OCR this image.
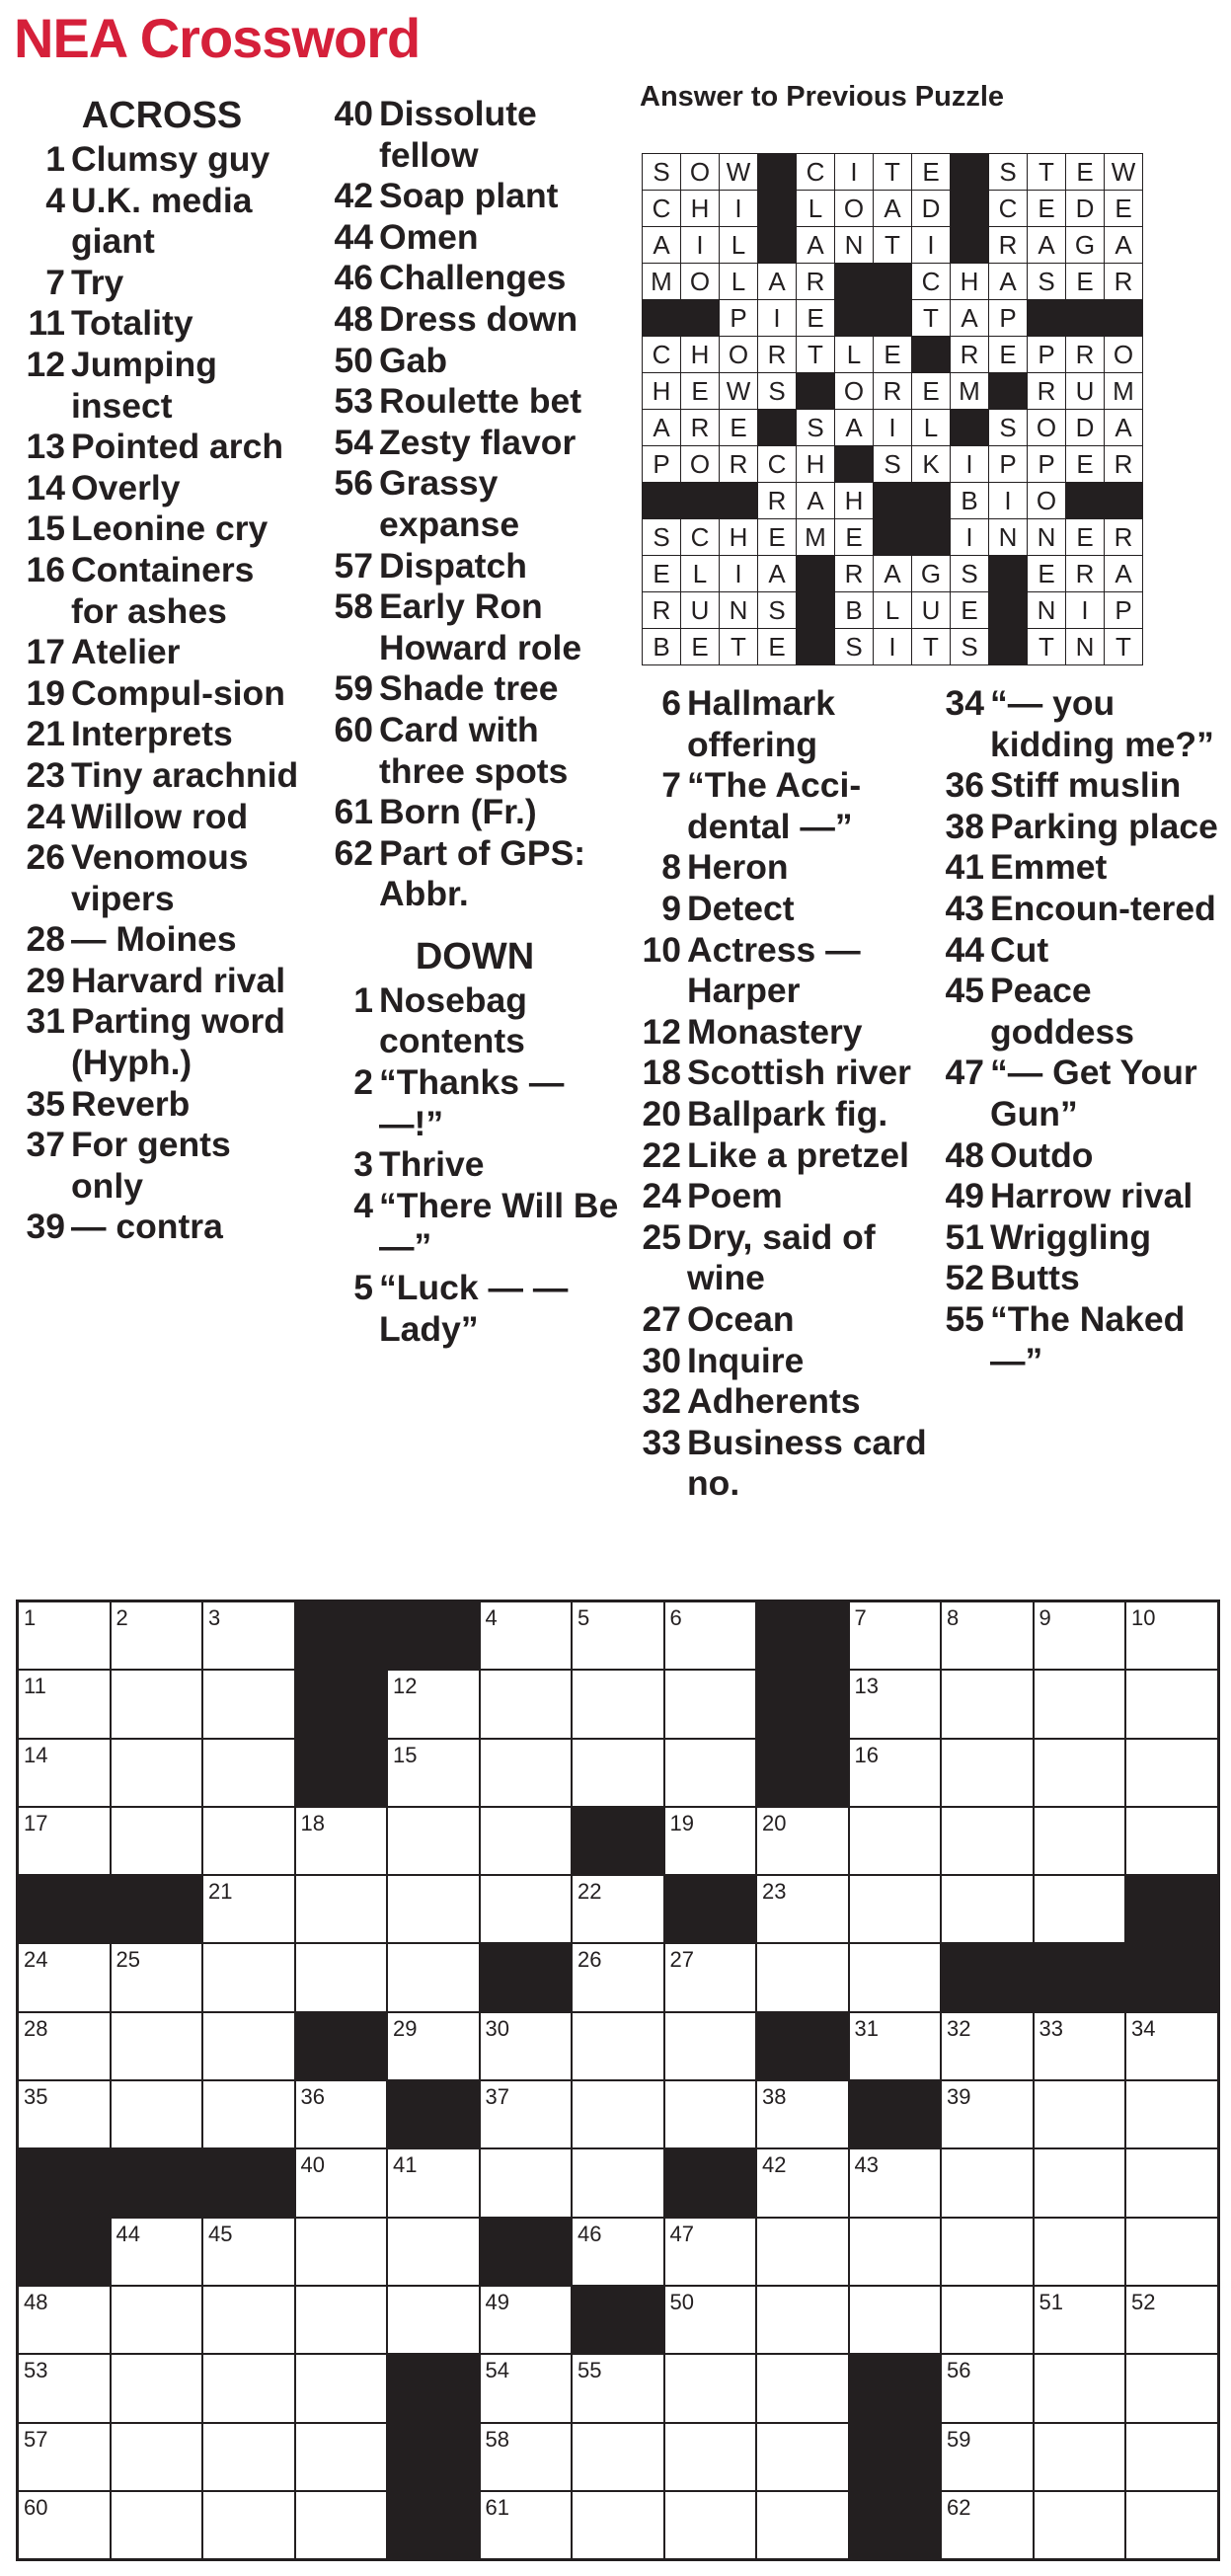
NEA Crossword
ACROSS
1 Clumsy guy
4 U.K. media giant
7 Try
11 Totality
12 Jumping insect
13 Pointed arch
14 Overly
15 Leonine cry
16 Containers for ashes
17 Atelier
19 Compul-sion
21 Interprets
23 Tiny arachnid
24 Willow rod
26 Venomous vipers
28 — Moines
29 Harvard rival
31 Parting word (Hyph.)
35 Reverb
37 For gents only
39 — contra
40 Dissolute fellow
42 Soap plant
44 Omen
46 Challenges
48 Dress down
50 Gab
53 Roulette bet
54 Zesty flavor
56 Grassy expanse
57 Dispatch
58 Early Ron Howard role
59 Shade tree
60 Card with three spots
61 Born (Fr.)
62 Part of GPS: Abbr.
DOWN
1 Nosebag contents
2 “Thanks — —!”
3 Thrive
4 “There Will Be —”
5 “Luck — — Lady”
Answer to Previous Puzzle
S	O	W		C	I	T	E		S	T	E	W
C	H	I		L	O	A	D		C	E	D	E
A	I	L		A	N	T	I		R	A	G	A
M	O	L	A	R			C	H	A	S	E	R
		P	I	E			T	A	P			
C	H	O	R	T	L	E		R	E	P	R	O
H	E	W	S		O	R	E	M		R	U	M
A	R	E		S	A	I	L		S	O	D	A
P	O	R	C	H		S	K	I	P	P	E	R
			R	A	H			B	I	O		
S	C	H	E	M	E			I	N	N	E	R
E	L	I	A		R	A	G	S		E	R	A
R	U	N	S		B	L	U	E		N	I	P
B	E	T	E		S	I	T	S		T	N	T
6 Hallmark offering
7 “The Acci-dental —”
8 Heron
9 Detect
10 Actress — Harper
12 Monastery
18 Scottish river
20 Ballpark fig.
22 Like a pretzel
24 Poem
25 Dry, said of wine
27 Ocean
30 Inquire
32 Adherents
33 Business card no.
34 “— you kidding me?”
36 Stiff muslin
38 Parking place
41 Emmet
43 Encoun-tered
44 Cut
45 Peace goddess
47 “— Get Your Gun”
48 Outdo
49 Harrow rival
51 Wriggling
52 Butts
55 “The Naked —”
1	2	3			4	5	6		7	8	9	10

11				12					13			

14				15					16			

17			18				19	20				

		21				22		23				

24	25					26	27					

28				29	30				31	32	33	34

35			36		37			38		39		

			40	41				42	43			

	44	45				46	47					

48					49		50				51	52

53					54	55				56		

57					58					59		

60					61					62		
